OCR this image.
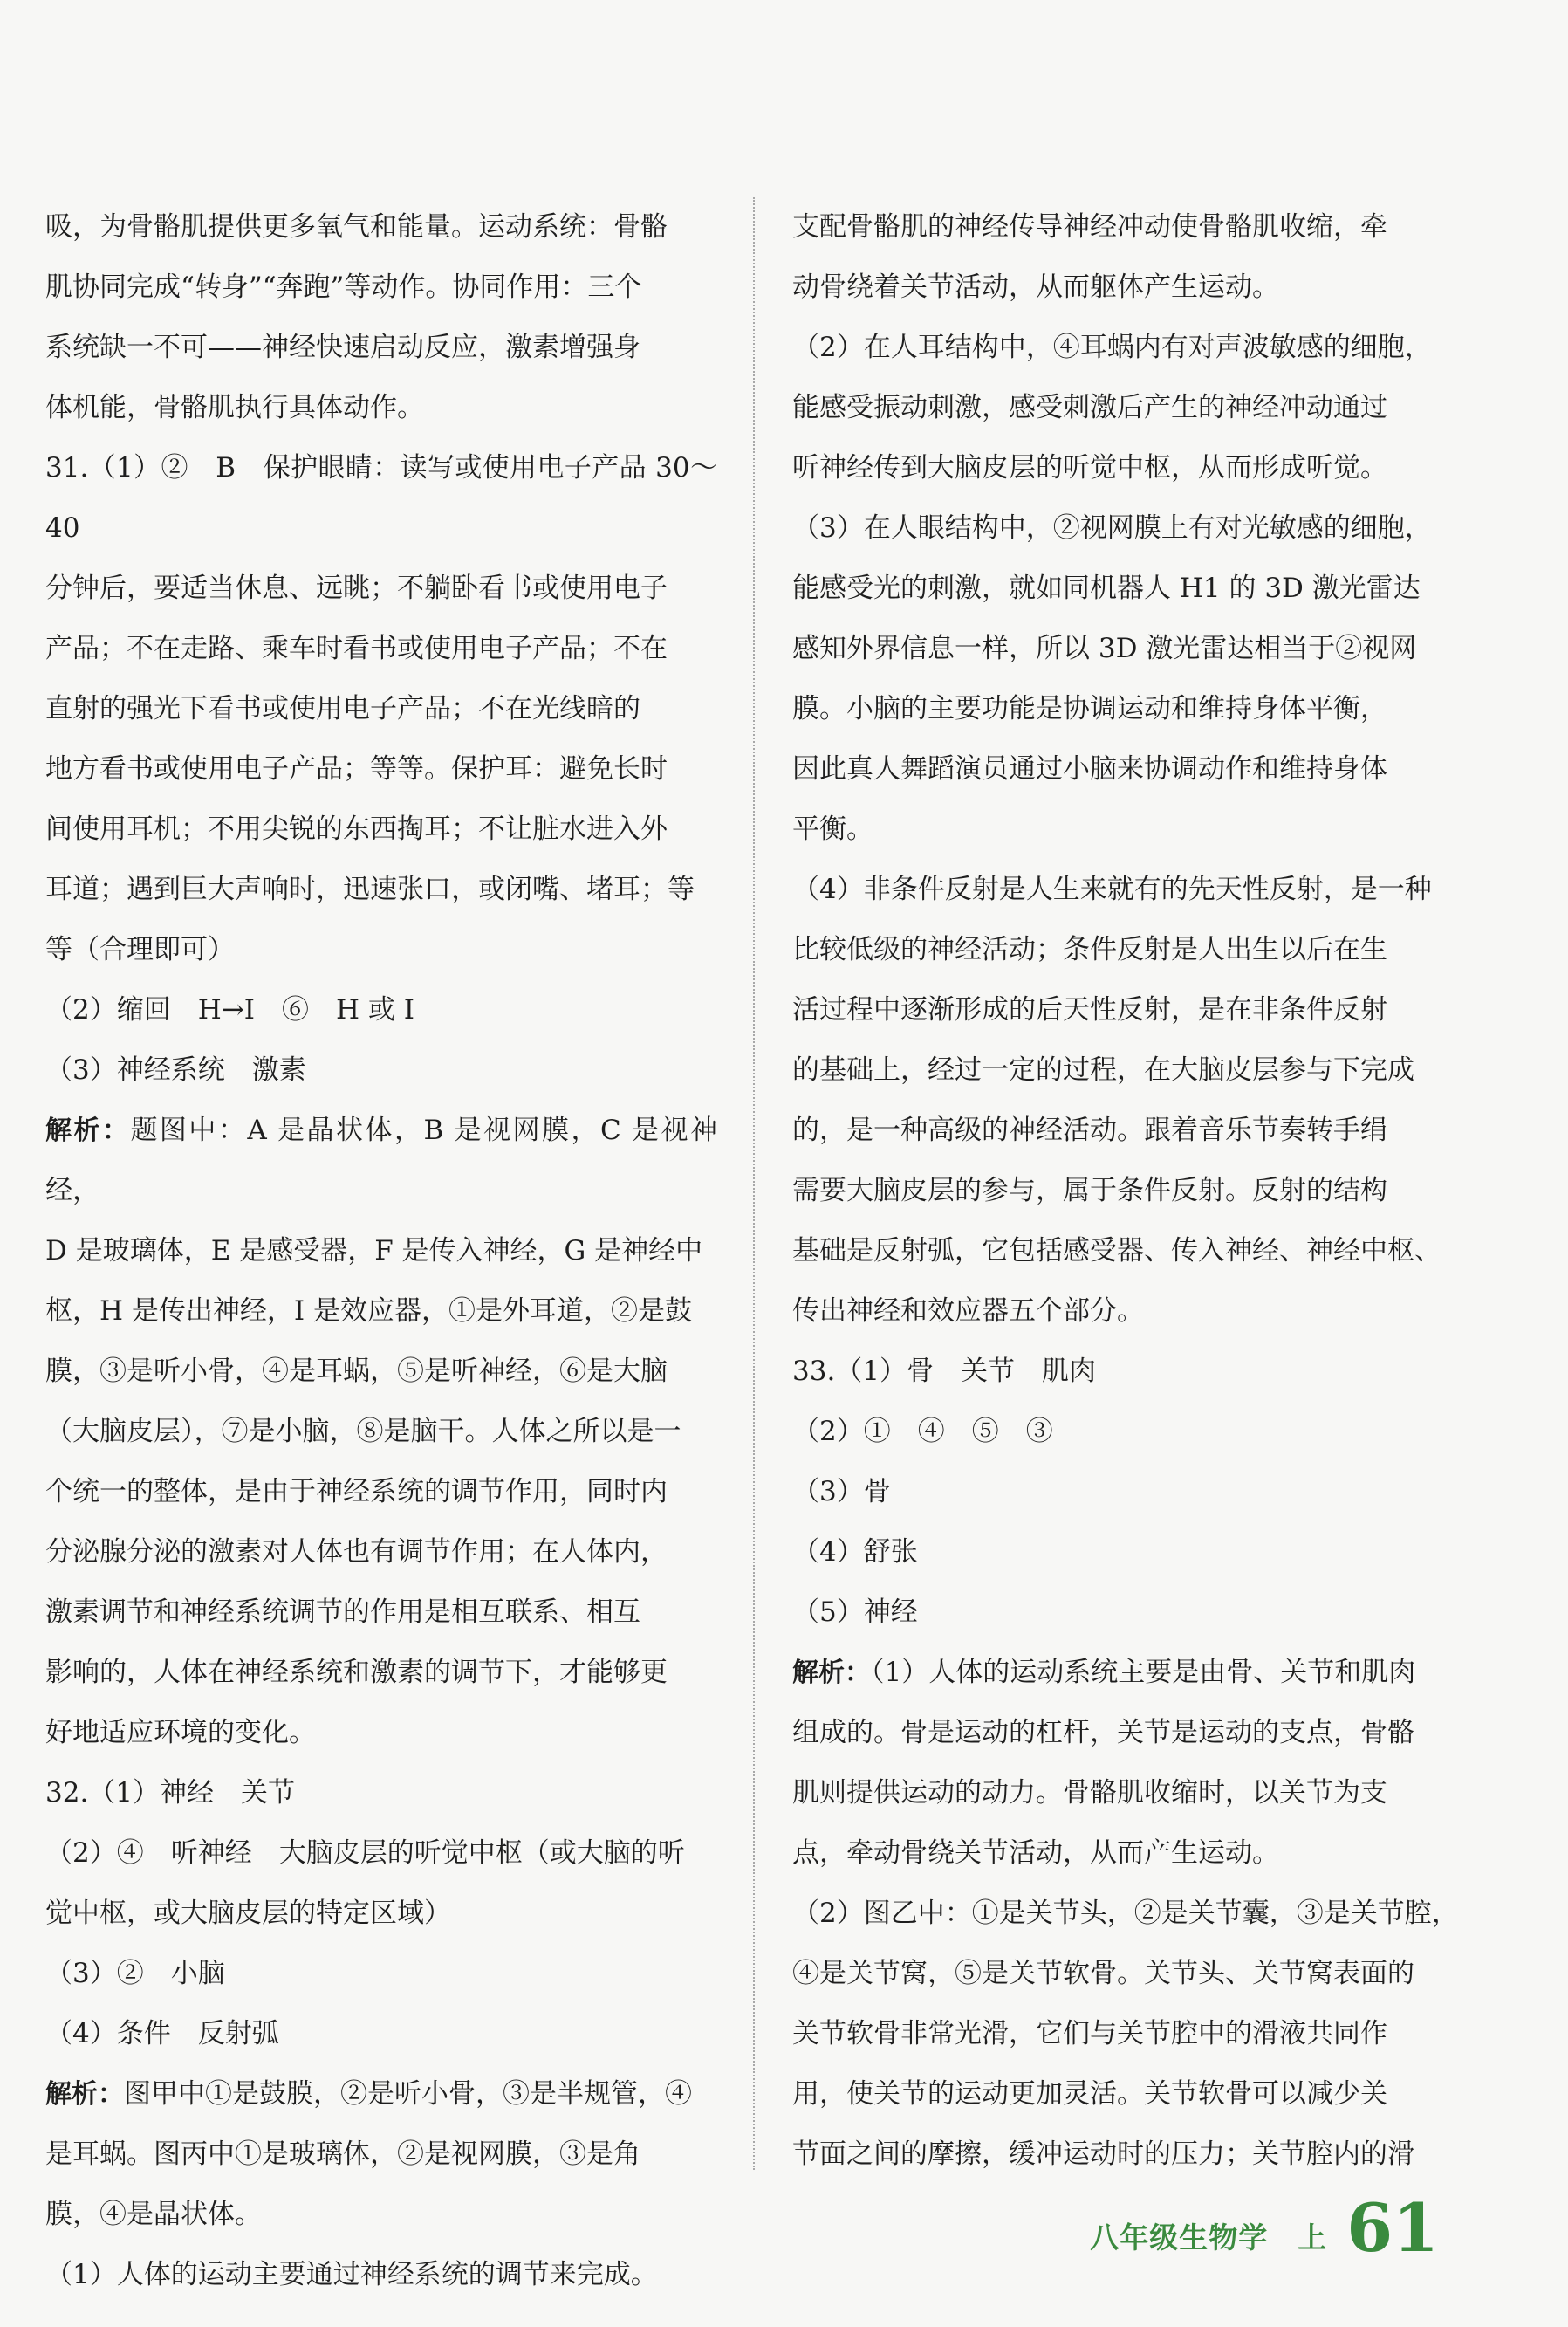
吸，为骨骼肌提供更多氧气和能量。运动系统：骨骼

肌协同完成“转身”“奔跑”等动作。协同作用：三个

系统缺一不可——神经快速启动反应，激素增强身

体机能，骨骼肌执行具体动作。

31.（1）②　B　保护眼睛：读写或使用电子产品 30～40

分钟后，要适当休息、远眺；不躺卧看书或使用电子

产品；不在走路、乘车时看书或使用电子产品；不在

直射的强光下看书或使用电子产品；不在光线暗的

地方看书或使用电子产品；等等。保护耳：避免长时

间使用耳机；不用尖锐的东西掏耳；不让脏水进入外

耳道；遇到巨大声响时，迅速张口，或闭嘴、堵耳；等

等（合理即可）

（2）缩回　H→I　⑥　H 或 I

（3）神经系统　激素

解析：题图中：A 是晶状体，B 是视网膜，C 是视神经，

D 是玻璃体，E 是感受器，F 是传入神经，G 是神经中

枢，H 是传出神经，I 是效应器，①是外耳道，②是鼓

膜，③是听小骨，④是耳蜗，⑤是听神经，⑥是大脑

（大脑皮层），⑦是小脑，⑧是脑干。人体之所以是一

个统一的整体，是由于神经系统的调节作用，同时内

分泌腺分泌的激素对人体也有调节作用；在人体内，

激素调节和神经系统调节的作用是相互联系、相互

影响的，人体在神经系统和激素的调节下，才能够更

好地适应环境的变化。

32.（1）神经　关节

（2）④　听神经　大脑皮层的听觉中枢（或大脑的听

觉中枢，或大脑皮层的特定区域）

（3）②　小脑

（4）条件　反射弧

解析：图甲中①是鼓膜，②是听小骨，③是半规管，④

是耳蜗。图丙中①是玻璃体，②是视网膜，③是角

膜，④是晶状体。

（1）人体的运动主要通过神经系统的调节来完成。

支配骨骼肌的神经传导神经冲动使骨骼肌收缩，牵

动骨绕着关节活动，从而躯体产生运动。

（2）在人耳结构中，④耳蜗内有对声波敏感的细胞，

能感受振动刺激，感受刺激后产生的神经冲动通过

听神经传到大脑皮层的听觉中枢，从而形成听觉。

（3）在人眼结构中，②视网膜上有对光敏感的细胞，

能感受光的刺激，就如同机器人 H1 的 3D 激光雷达

感知外界信息一样，所以 3D 激光雷达相当于②视网

膜。小脑的主要功能是协调运动和维持身体平衡，

因此真人舞蹈演员通过小脑来协调动作和维持身体

平衡。

（4）非条件反射是人生来就有的先天性反射，是一种

比较低级的神经活动；条件反射是人出生以后在生

活过程中逐渐形成的后天性反射，是在非条件反射

的基础上，经过一定的过程，在大脑皮层参与下完成

的，是一种高级的神经活动。跟着音乐节奏转手绢

需要大脑皮层的参与，属于条件反射。反射的结构

基础是反射弧，它包括感受器、传入神经、神经中枢、

传出神经和效应器五个部分。

33.（1）骨　关节　肌肉

（2）①　④　⑤　③

（3）骨

（4）舒张

（5）神经

解析：（1）人体的运动系统主要是由骨、关节和肌肉

组成的。骨是运动的杠杆，关节是运动的支点，骨骼

肌则提供运动的动力。骨骼肌收缩时，以关节为支

点，牵动骨绕关节活动，从而产生运动。

（2）图乙中：①是关节头，②是关节囊，③是关节腔，

④是关节窝，⑤是关节软骨。关节头、关节窝表面的

关节软骨非常光滑，它们与关节腔中的滑液共同作

用，使关节的运动更加灵活。关节软骨可以减少关

节面之间的摩擦，缓冲运动时的压力；关节腔内的滑

八年级生物学　上 61
